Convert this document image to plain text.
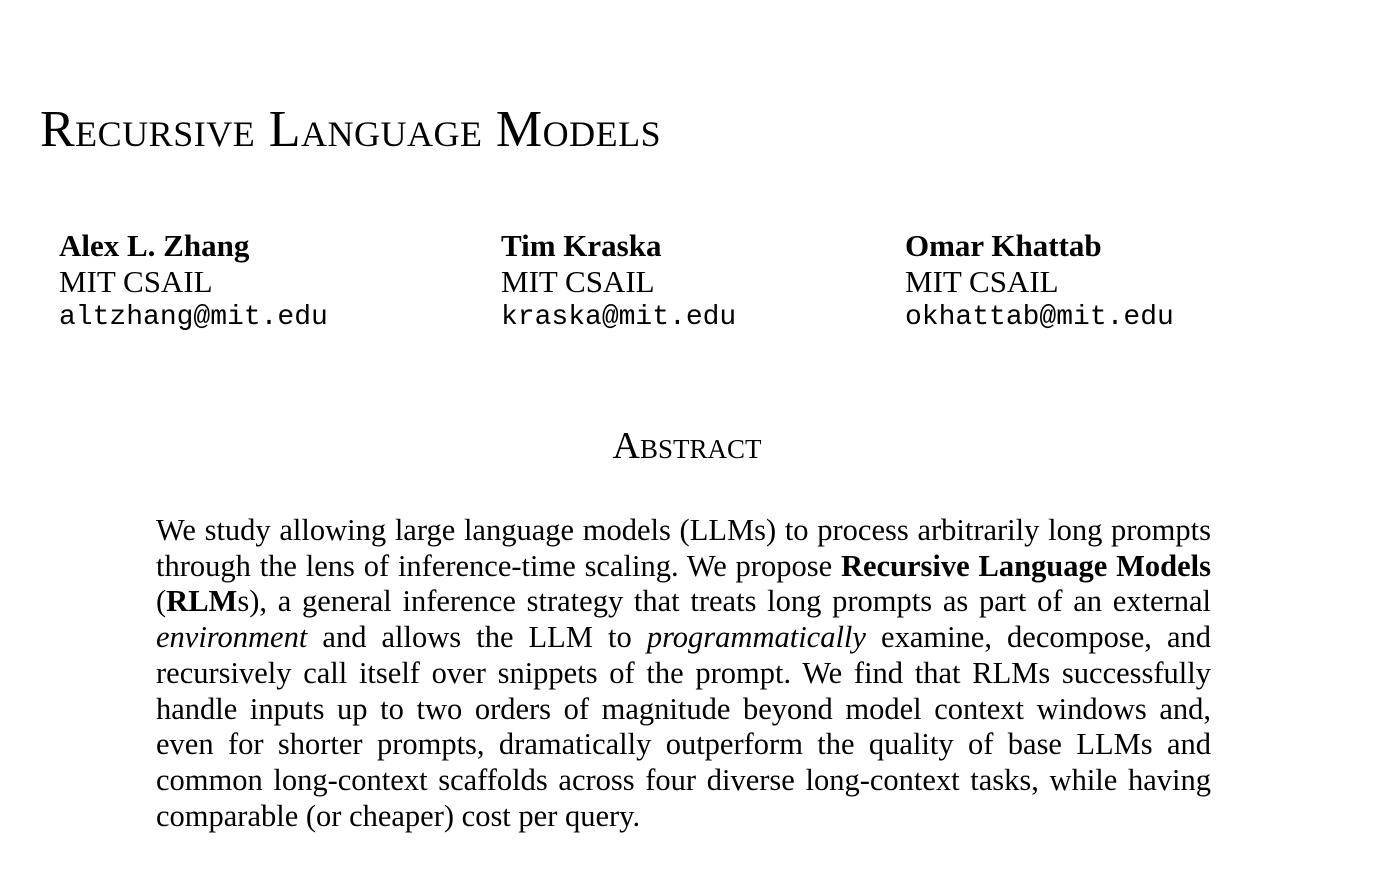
Recursive Language Models
Alex L. Zhang
MIT CSAIL
altzhang@mit.edu
Tim Kraska
MIT CSAIL
kraska@mit.edu
Omar Khattab
MIT CSAIL
okhattab@mit.edu
Abstract

We study allowing large language models (LLMs) to process arbitrarily long prompts through the lens of inference-time scaling. We propose Recursive Language Models (RLMs), a general inference strategy that treats long prompts as part of an external environment and allows the LLM to programmatically examine, decompose, and recursively call itself over snippets of the prompt. We find that RLMs successfully handle inputs up to two orders of magnitude beyond model context windows and, even for shorter prompts, dramatically outperform the quality of base LLMs and common long-context scaffolds across four diverse long-context tasks, while having comparable (or cheaper) cost per query.
